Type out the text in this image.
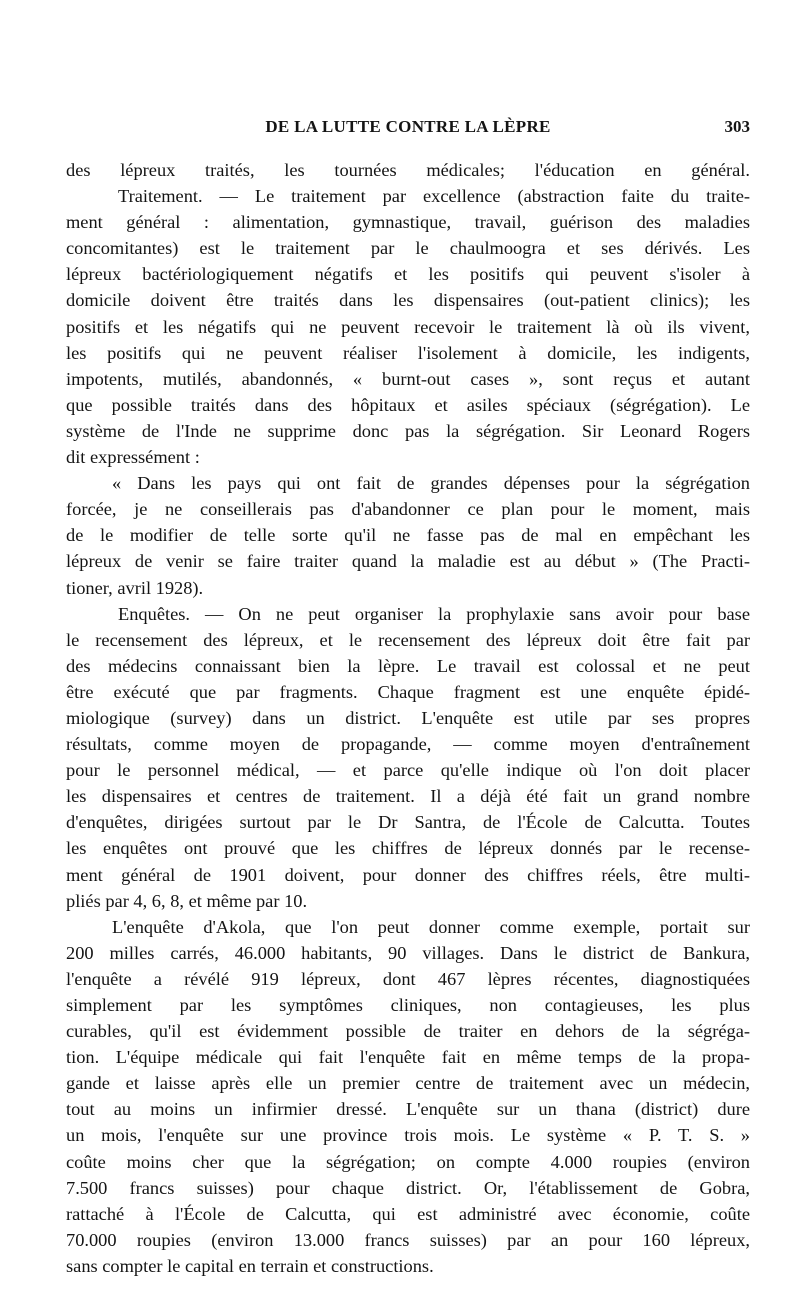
DE LA LUTTE CONTRE LA LÈPRE	303
des lépreux traités, les tournées médicales; l'éducation en général.
Traitement. — Le traitement par excellence (abstraction faite du traite-
ment général : alimentation, gymnastique, travail, guérison des maladies
concomitantes) est le traitement par le chaulmoogra et ses dérivés. Les
lépreux bactériologiquement négatifs et les positifs qui peuvent s'isoler à
domicile doivent être traités dans les dispensaires (out-patient clinics); les
positifs et les négatifs qui ne peuvent recevoir le traitement là où ils vivent,
les positifs qui ne peuvent réaliser l'isolement à domicile, les indigents,
impotents, mutilés, abandonnés, « burnt-out cases », sont reçus et autant
que possible traités dans des hôpitaux et asiles spéciaux (ségrégation). Le
système de l'Inde ne supprime donc pas la ségrégation. Sir Leonard Rogers
dit expressément :
« Dans les pays qui ont fait de grandes dépenses pour la ségrégation
forcée, je ne conseillerais pas d'abandonner ce plan pour le moment, mais
de le modifier de telle sorte qu'il ne fasse pas de mal en empêchant les
lépreux de venir se faire traiter quand la maladie est au début » (The Practi-
tioner, avril 1928).
Enquêtes. — On ne peut organiser la prophylaxie sans avoir pour base
le recensement des lépreux, et le recensement des lépreux doit être fait par
des médecins connaissant bien la lèpre. Le travail est colossal et ne peut
être exécuté que par fragments. Chaque fragment est une enquête épidé-
miologique (survey) dans un district. L'enquête est utile par ses propres
résultats, comme moyen de propagande, — comme moyen d'entraînement
pour le personnel médical, — et parce qu'elle indique où l'on doit placer
les dispensaires et centres de traitement. Il a déjà été fait un grand nombre
d'enquêtes, dirigées surtout par le Dr Santra, de l'École de Calcutta. Toutes
les enquêtes ont prouvé que les chiffres de lépreux donnés par le recense-
ment général de 1901 doivent, pour donner des chiffres réels, être multi-
pliés par 4, 6, 8, et même par 10.
L'enquête d'Akola, que l'on peut donner comme exemple, portait sur
200 milles carrés, 46.000 habitants, 90 villages. Dans le district de Bankura,
l'enquête a révélé 919 lépreux, dont 467 lèpres récentes, diagnostiquées
simplement par les symptômes cliniques, non contagieuses, les plus
curables, qu'il est évidemment possible de traiter en dehors de la ségréga-
tion. L'équipe médicale qui fait l'enquête fait en même temps de la propa-
gande et laisse après elle un premier centre de traitement avec un médecin,
tout au moins un infirmier dressé. L'enquête sur un thana (district) dure
un mois, l'enquête sur une province trois mois. Le système « P. T. S. »
coûte moins cher que la ségrégation; on compte 4.000 roupies (environ
7.500 francs suisses) pour chaque district. Or, l'établissement de Gobra,
rattaché à l'École de Calcutta, qui est administré avec économie, coûte
70.000 roupies (environ 13.000 francs suisses) par an pour 160 lépreux,
sans compter le capital en terrain et constructions.
